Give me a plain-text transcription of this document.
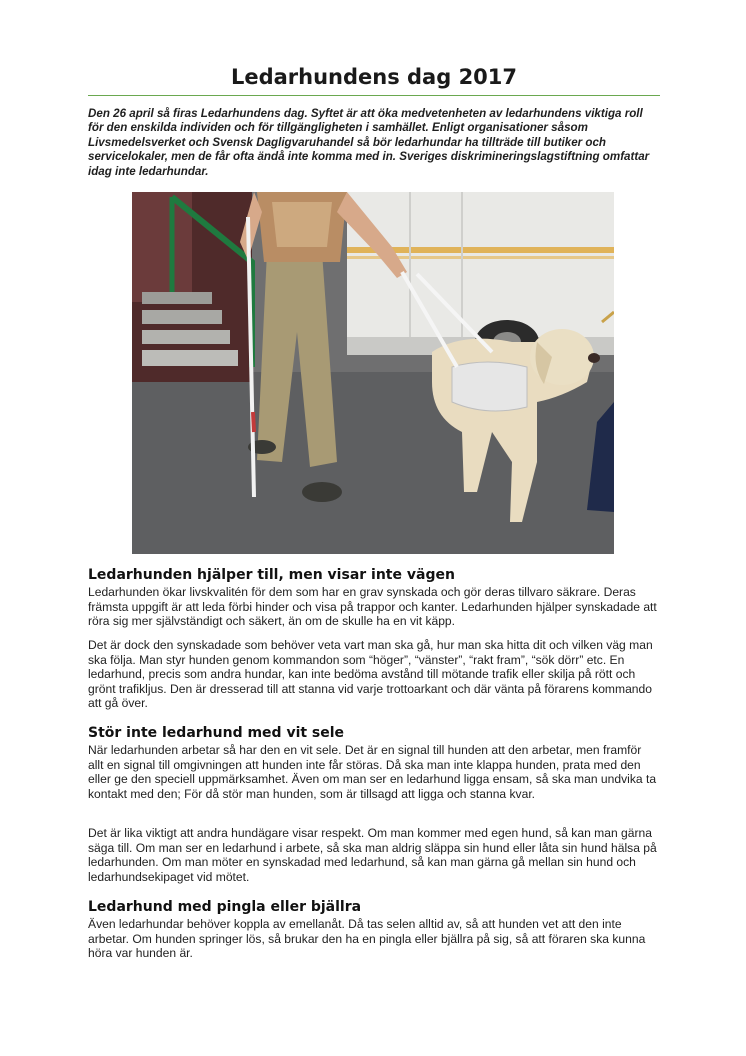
Ledarhundens dag 2017

Den 26 april så firas Ledarhundens dag. Syftet är att öka medvetenheten av ledarhundens viktiga roll för den enskilda individen och för tillgängligheten i samhället. Enligt organisationer såsom Livsmedelsverket och Svensk Dagligvaruhandel så bör ledarhundar ha tillträde till butiker och servicelokaler, men de får ofta ändå inte komma med in. Sveriges diskrimineringslagstiftning omfattar idag inte ledarhundar.

Ledarhunden hjälper till, men visar inte vägen

Ledarhunden ökar livskvalitén för dem som har en grav synskada och gör deras tillvaro säkrare. Deras främsta uppgift är att leda förbi hinder och visa på trappor och kanter. Ledarhunden hjälper synskadade att röra sig mer självständigt och säkert, än om de skulle ha en vit käpp.

Det är dock den synskadade som behöver veta vart man ska gå, hur man ska hitta dit och vilken väg man ska följa. Man styr hunden genom kommandon som “höger”, “vänster”, “rakt fram”, “sök dörr” etc. En ledarhund, precis som andra hundar, kan inte bedöma avstånd till mötande trafik eller skilja på rött och grönt trafikljus. Den är dresserad till att stanna vid varje trottoarkant och där vänta på förarens kommando att gå över.

Stör inte ledarhund med vit sele

När ledarhunden arbetar så har den en vit sele. Det är en signal till hunden att den arbetar, men framför allt en signal till omgivningen att hunden inte får störas. Då ska man inte klappa hunden, prata med den eller ge den speciell uppmärksamhet. Även om man ser en ledarhund ligga ensam, så ska man undvika ta kontakt med den; För då stör man hunden, som är tillsagd att ligga och stanna kvar.

Det är lika viktigt att andra hundägare visar respekt. Om man kommer med egen hund, så kan man gärna säga till. Om man ser en ledarhund i arbete, så ska man aldrig släppa sin hund eller låta sin hund hälsa på ledarhunden. Om man möter en synskadad med ledarhund, så kan man gärna gå mellan sin hund och ledarhundsekipaget vid mötet.

Ledarhund med pingla eller bjällra

Även ledarhundar behöver koppla av emellanåt. Då tas selen alltid av, så att hunden vet att den inte arbetar. Om hunden springer lös, så brukar den ha en pingla eller bjällra på sig, så att föraren ska kunna höra var hunden är.
